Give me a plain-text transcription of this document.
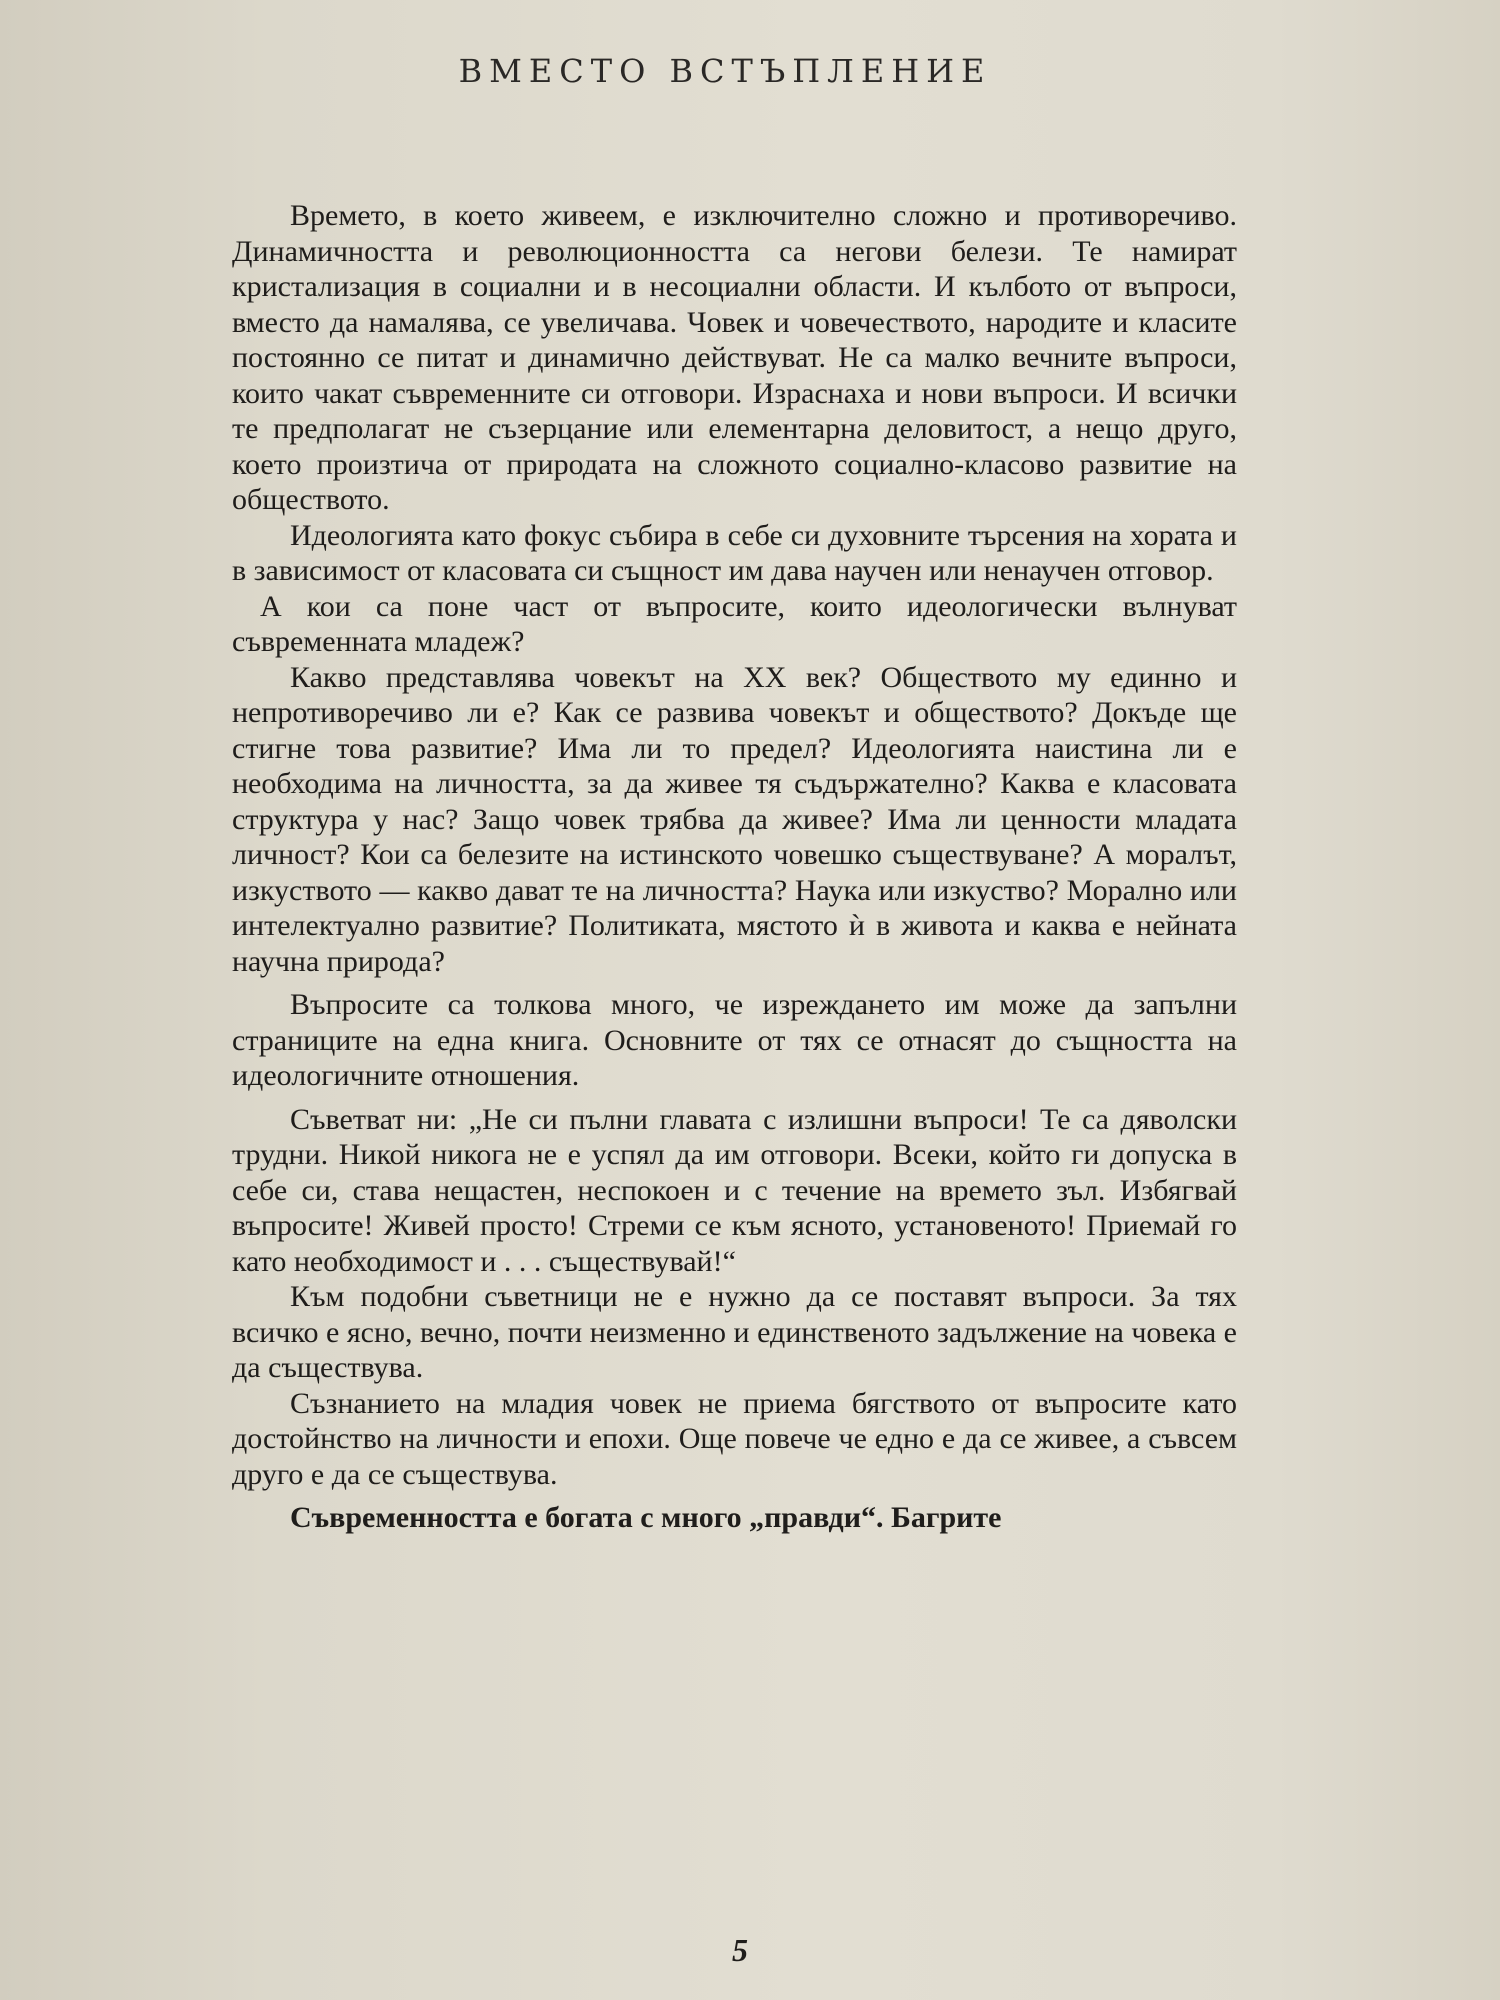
ВМЕСТО ВСТЪПЛЕНИЕ

Времето, в което живеем, е изключително сложно и противоречиво. Динамичността и революционността са негови белези. Те намират кристализация в социални и в несоциални области. И кълбото от въпроси, вместо да намалява, се увеличава. Човек и човечеството, народите и класите постоянно се питат и динамично действуват. Не са малко вечните въпроси, които чакат съвременните си отговори. Израснаха и нови въпроси. И всички те предполагат не съзерцание или елементарна деловитост, а нещо друго, което произтича от природата на сложното социално-класово развитие на обществото.

Идеологията като фокус събира в себе си духовните търсения на хората и в зависимост от класовата си същност им дава научен или ненаучен отговор.

А кои са поне част от въпросите, които идеологически вълнуват съвременната младеж?

Какво представлява човекът на XX век? Обществото му единно и непротиворечиво ли е? Как се развива човекът и обществото? Докъде ще стигне това развитие? Има ли то предел? Идеологията наистина ли е необходима на личността, за да живее тя съдържателно? Каква е класовата структура у нас? Защо човек трябва да живее? Има ли ценности младата личност? Кои са белезите на истинското човешко съществуване? А моралът, изкуството — какво дават те на личността? Наука или изкуство? Морално или интелектуално развитие? Политиката, мястото ѝ в живота и каква е нейната научна природа?

Въпросите са толкова много, че изреждането им може да запълни страниците на една книга. Основните от тях се отнасят до същността на идеологичните отношения.

Съветват ни: „Не си пълни главата с излишни въпроси! Те са дяволски трудни. Никой никога не е успял да им отговори. Всеки, който ги допуска в себе си, става нещастен, неспокоен и с течение на времето зъл. Избягвай въпросите! Живей просто! Стреми се към ясното, установеното! Приемай го като необходимост и . . . съществувай!“

Към подобни съветници не е нужно да се поставят въпроси. За тях всичко е ясно, вечно, почти неизменно и единственото задължение на човека е да съществува.

Съзнанието на младия човек не приема бягството от въпросите като достойнство на личности и епохи. Още повече че едно е да се живее, а съвсем друго е да се съществува.

Съвременността е богата с много „правди“. Багрите

5
